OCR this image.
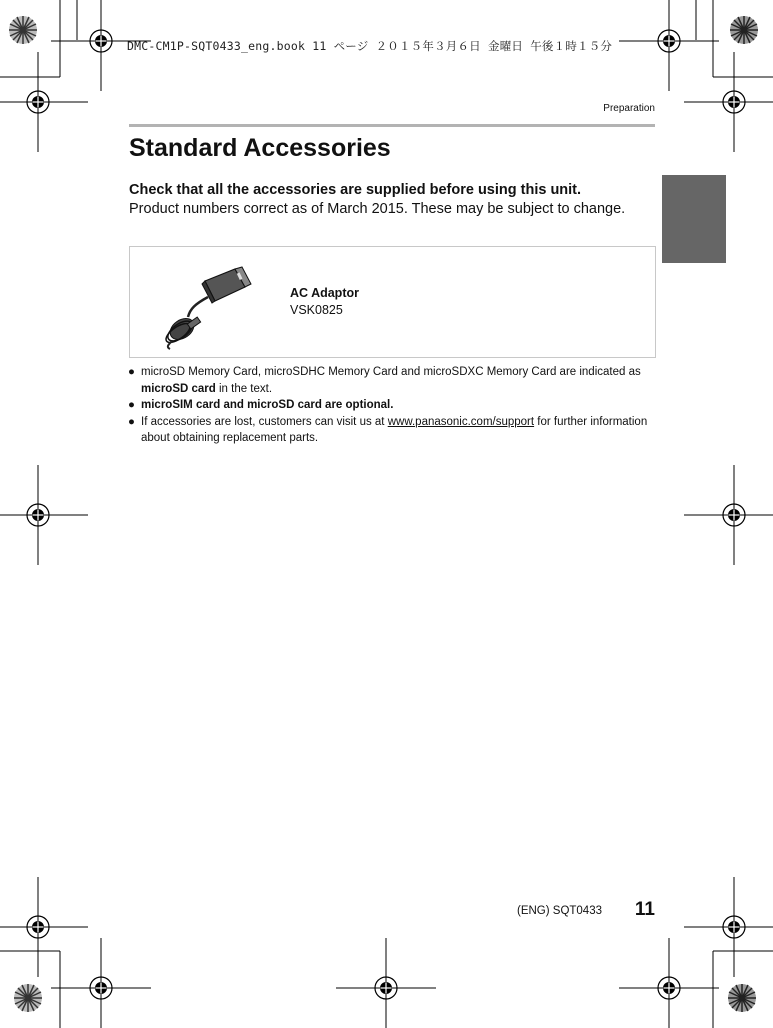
DMC-CM1P-SQT0433_eng.book 11 ページ ２０１５年３月６日 金曜日 午後１時１５分
Preparation
Standard Accessories
Check that all the accessories are supplied before using this unit.
Product numbers correct as of March 2015. These may be subject to change.
AC Adaptor
VSK0825
● microSD Memory Card, microSDHC Memory Card and microSDXC Memory Card are indicated as microSD card in the text.
● microSIM card and microSD card are optional.
● If accessories are lost, customers can visit us at www.panasonic.com/support for further information about obtaining replacement parts.
(ENG) SQT0433 11
